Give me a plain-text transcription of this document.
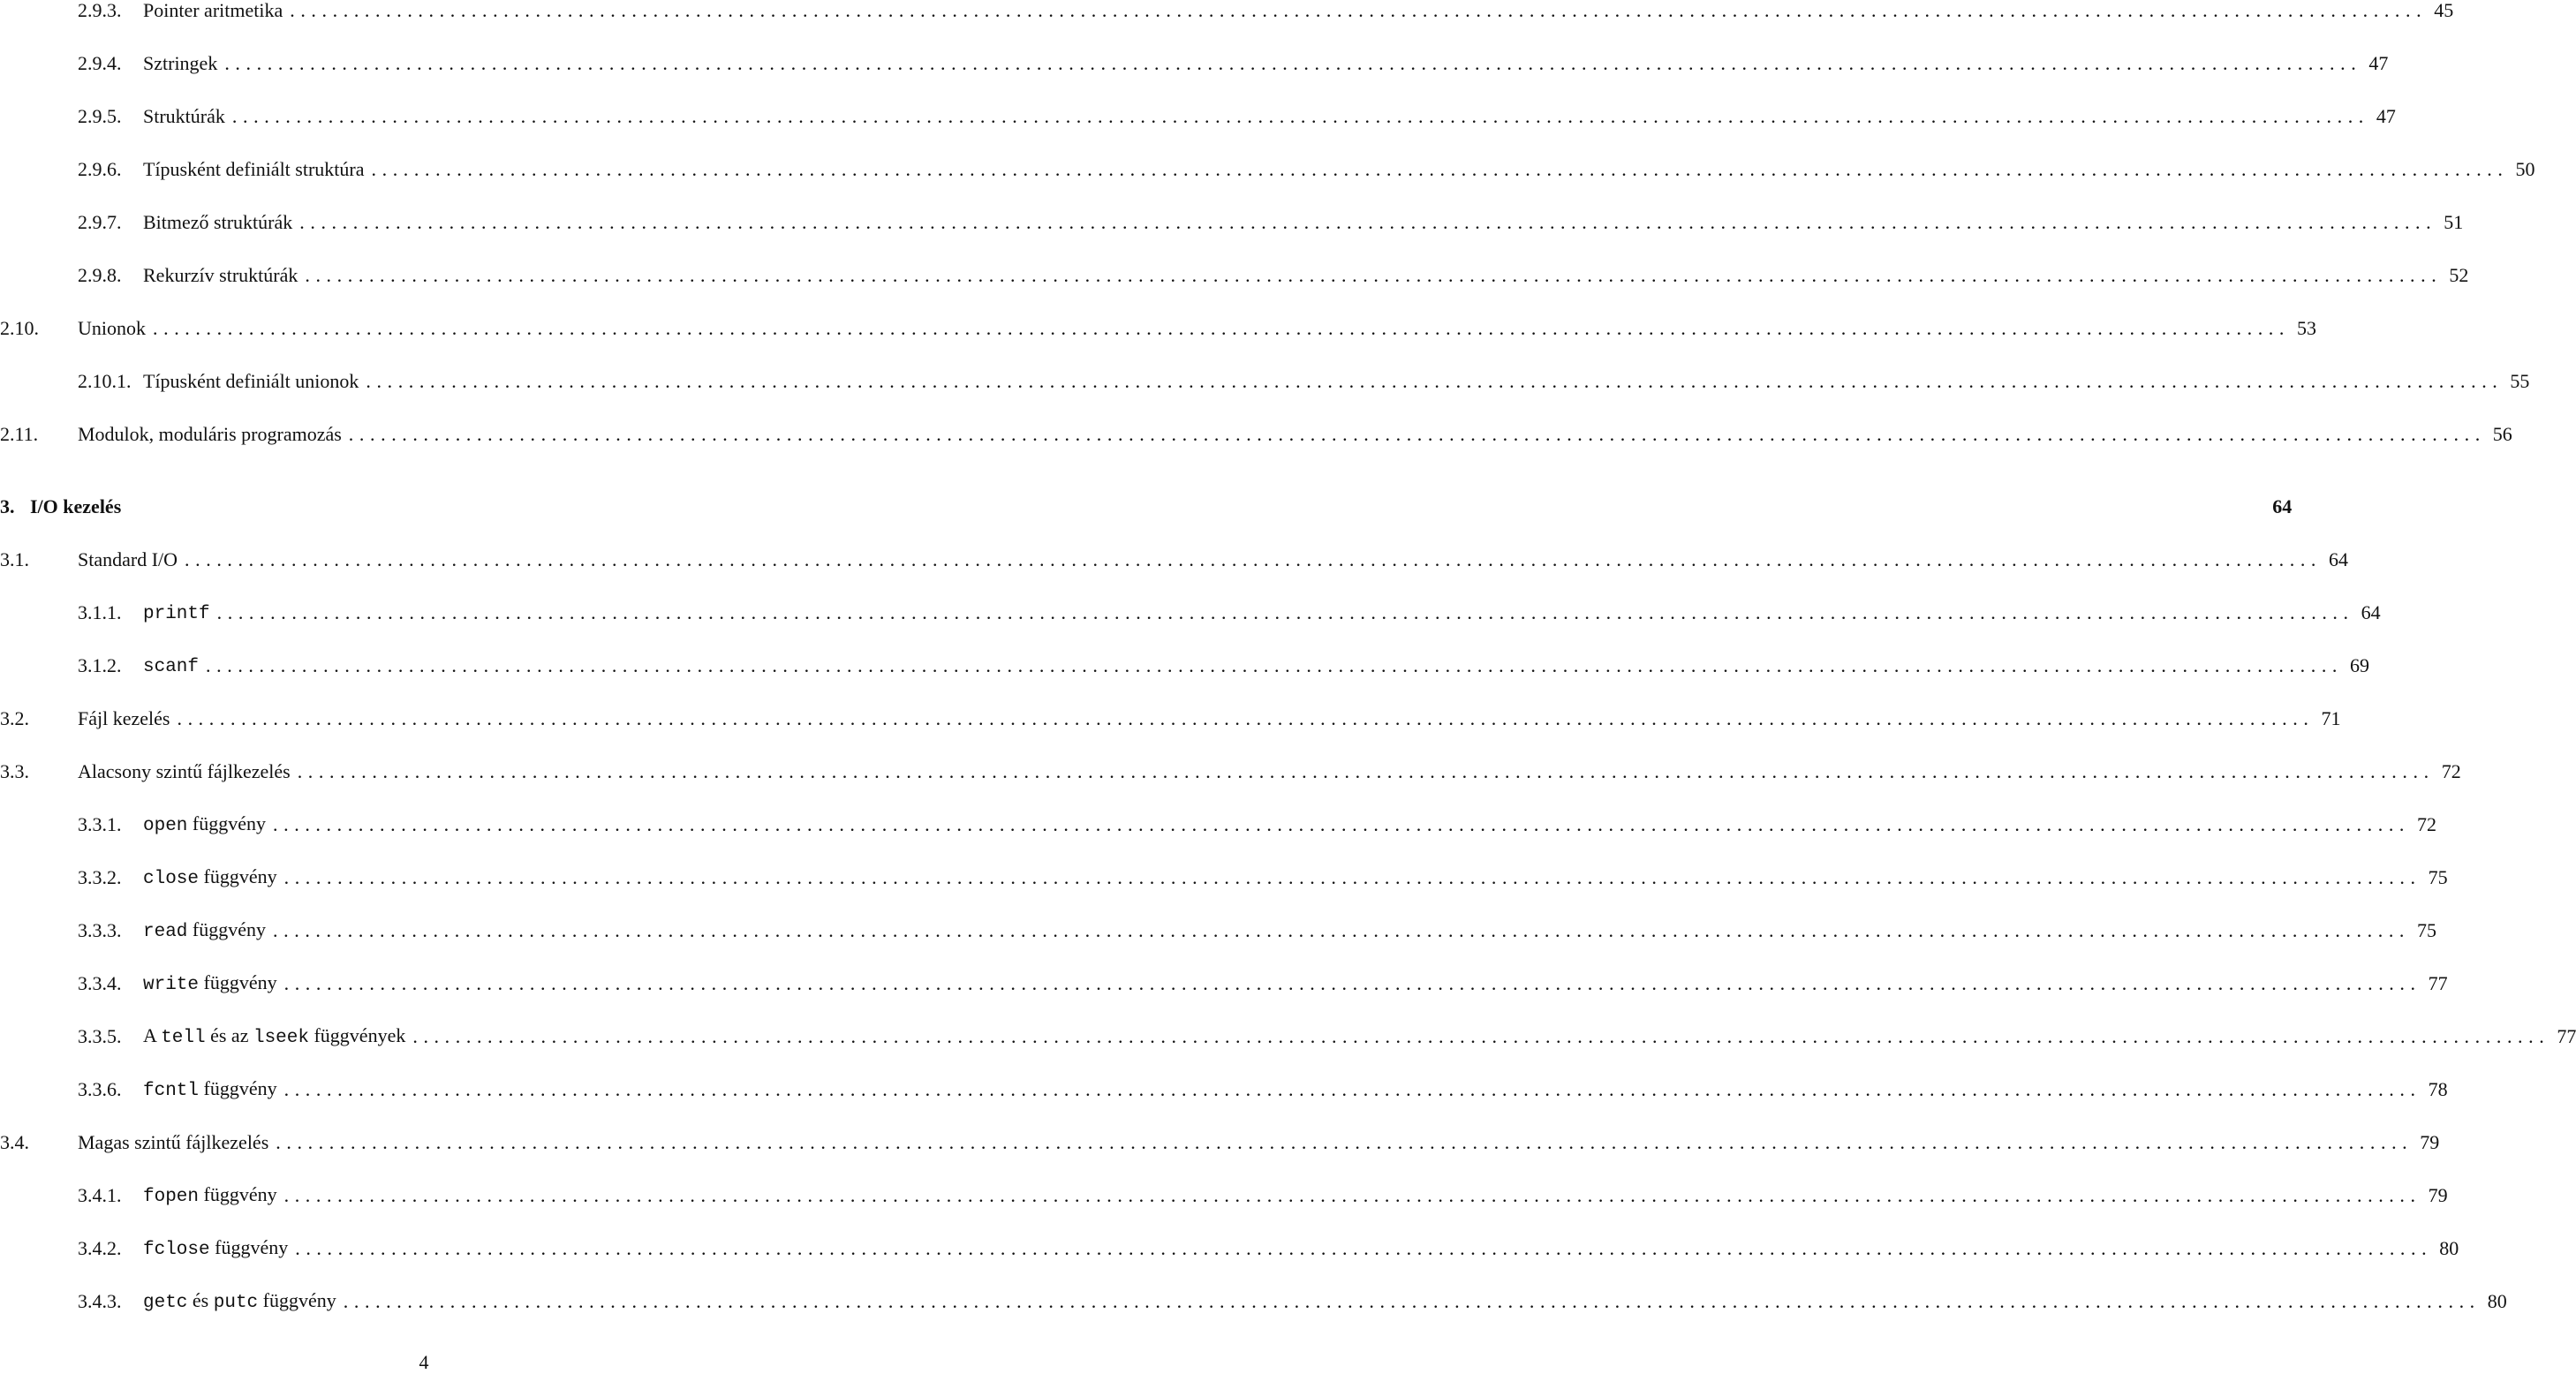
2.9.3.	Pointer aritmetika ........................................................................................................................................................................................................ 45
2.9.4.	Sztringek ........................................................................................................................................................................................................ 47
2.9.5.	Struktúrák ........................................................................................................................................................................................................ 47
2.9.6.	Típusként definiált struktúra ........................................................................................................................................................................................................ 50
2.9.7.	Bitmező struktúrák ........................................................................................................................................................................................................ 51
2.9.8.	Rekurzív struktúrák ........................................................................................................................................................................................................ 52
2.10.	Unionok ........................................................................................................................................................................................................ 53
2.10.1. Típusként definiált unionok ........................................................................................................................................................................................................ 55
2.11.	Modulok, moduláris programozás ........................................................................................................................................................................................................ 56
3. I/O kezelés	64
3.1.	Standard I/O ........................................................................................................................................................................................................ 64
3.1.1.	printf ........................................................................................................................................................................................................ 64
3.1.2.	scanf ........................................................................................................................................................................................................ 69
3.2.	Fájl kezelés ........................................................................................................................................................................................................ 71
3.3.	Alacsony szintű fájlkezelés ........................................................................................................................................................................................................ 72
3.3.1.	open függvény ........................................................................................................................................................................................................ 72
3.3.2.	close függvény ........................................................................................................................................................................................................ 75
3.3.3.	read függvény ........................................................................................................................................................................................................ 75
3.3.4.	write függvény ........................................................................................................................................................................................................ 77
3.3.5.	A tell és az lseek függvények ........................................................................................................................................................................................................ 77
3.3.6.	fcntl függvény ........................................................................................................................................................................................................ 78
3.4.	Magas szintű fájlkezelés ........................................................................................................................................................................................................ 79
3.4.1.	fopen függvény ........................................................................................................................................................................................................ 79
3.4.2.	fclose függvény ........................................................................................................................................................................................................ 80
3.4.3.	getc és putc függvény ........................................................................................................................................................................................................ 80
4
